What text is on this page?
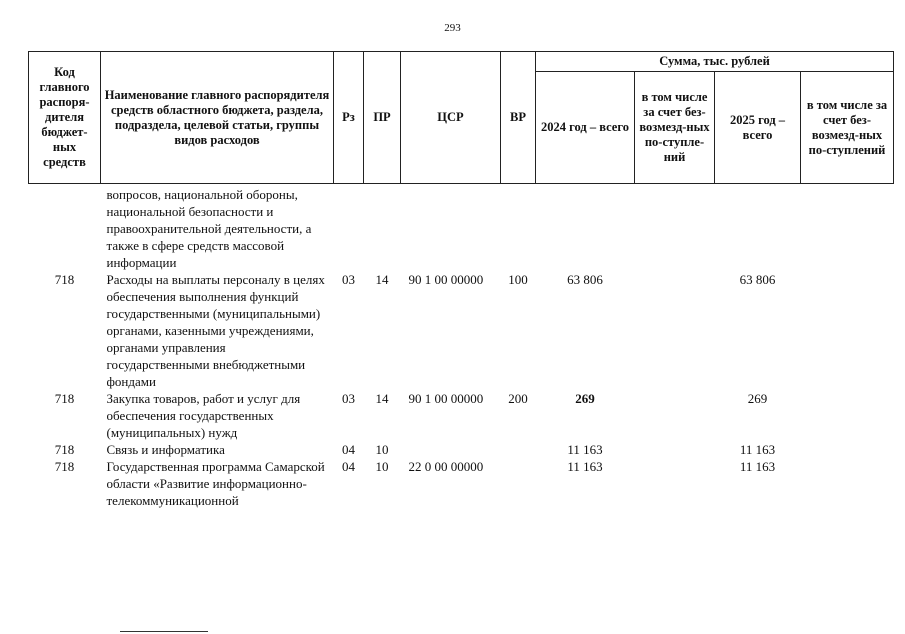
293
Код главного распоря-дителя бюджет-ных средств	Наименование главного распорядителя средств областного бюджета, раздела, подраздела, целевой статьи, группы видов расходов	Рз	ПР	ЦСР	ВР	Сумма, тыс. рублей			
						2024 год – всего	в том числе за счет без-возмезд-ных по-ступле-ний	2025 год – всего	в том числе за счет без-возмезд-ных по-ступлений
	вопросов, национальной обороны, национальной безопасности и правоохранительной деятельности, а также в сфере средств массовой информации								
718	Расходы на выплаты персоналу в целях обеспечения выполнения функций государственными (муниципальными) органами, казенными учреждениями, органами управления государственными внебюджетными фондами	03	14	90 1 00 00000	100	63 806		63 806	
718	Закупка товаров, работ и услуг для обеспечения государственных (муниципальных) нужд	03	14	90 1 00 00000	200	269		269	
718	Связь и информатика	04	10			11 163		11 163	
718	Государственная программа Самарской области «Развитие информационно-телекоммуникационной	04	10	22 0 00 00000		11 163		11 163	
